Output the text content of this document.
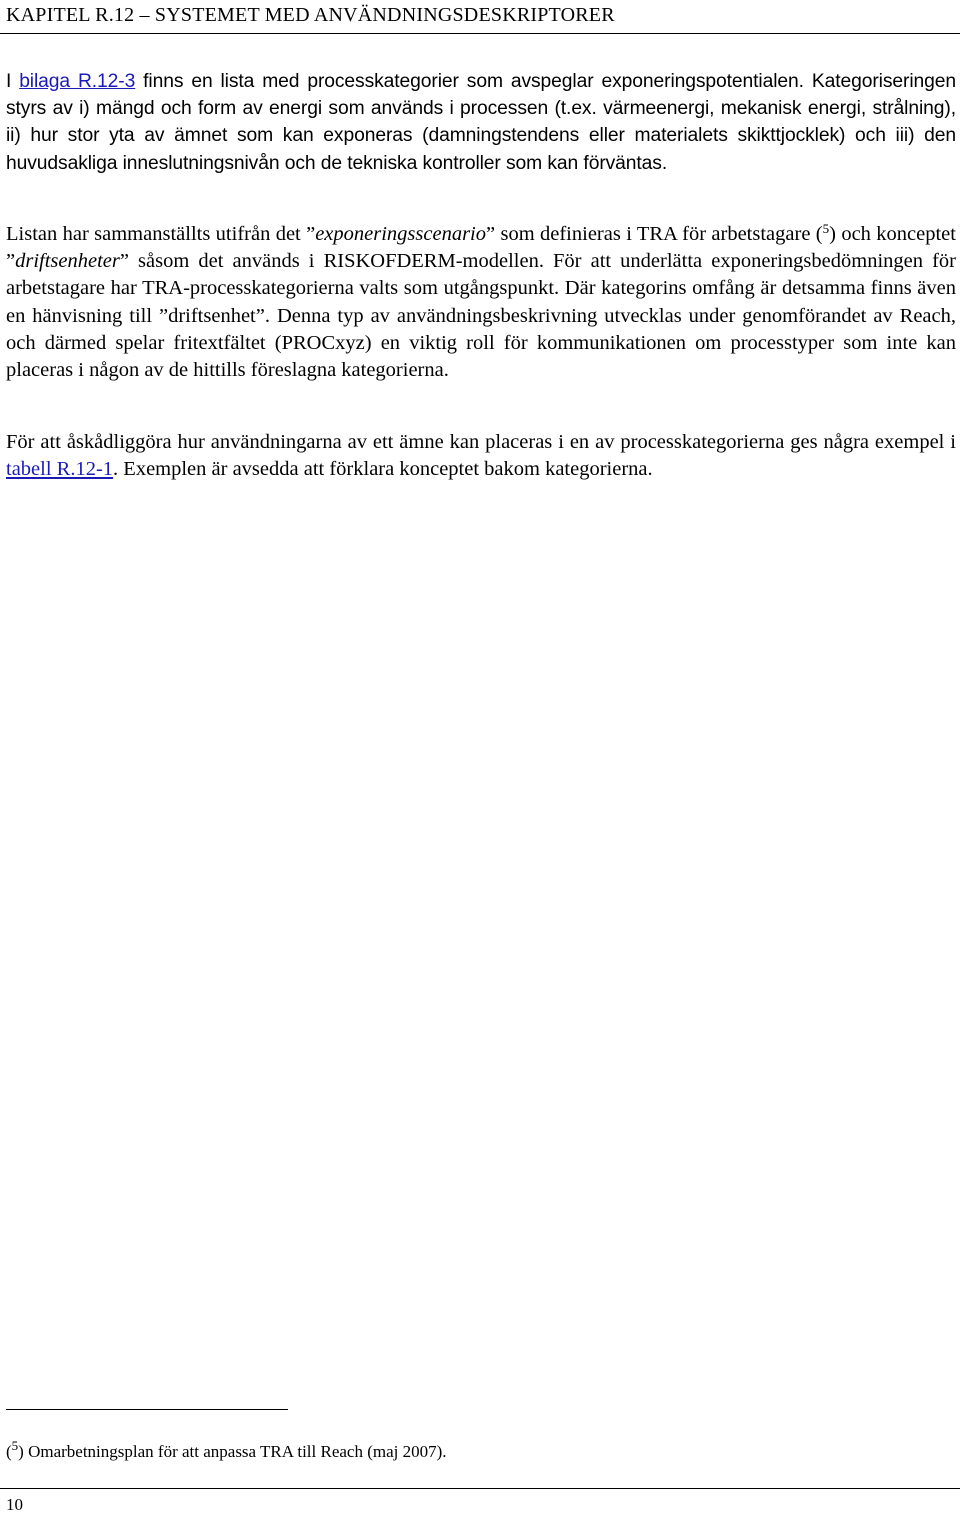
KAPITEL R.12 – SYSTEMET MED ANVÄNDNINGSDESKRIPTORER

I bilaga R.12-3 finns en lista med processkategorier som avspeglar exponeringspotentialen. Kategoriseringen styrs av i) mängd och form av energi som används i processen (t.ex. värmeenergi, mekanisk energi, strålning), ii) hur stor yta av ämnet som kan exponeras (damningstendens eller materialets skikttjocklek) och iii) den huvudsakliga inneslutningsnivån och de tekniska kontroller som kan förväntas.

Listan har sammanställts utifrån det ”exponeringsscenario” som definieras i TRA för arbetstagare ($^5$) och konceptet ”driftsenheter” såsom det används i RISKOFDERM-modellen. För att underlätta exponeringsbedömningen för arbetstagare har TRA-processkategorierna valts som utgångspunkt. Där kategorins omfång är detsamma finns även en hänvisning till ”driftsenhet”. Denna typ av användningsbeskrivning utvecklas under genomförandet av Reach, och därmed spelar fritextfältet (PROCxyz) en viktig roll för kommunikationen om processtyper som inte kan placeras i någon av de hittills föreslagna kategorierna.

För att åskådliggöra hur användningarna av ett ämne kan placeras i en av processkategorierna ges några exempel i tabell R.12-1. Exemplen är avsedda att förklara konceptet bakom kategorierna.

($^5$) Omarbetningsplan för att anpassa TRA till Reach (maj 2007).
10
